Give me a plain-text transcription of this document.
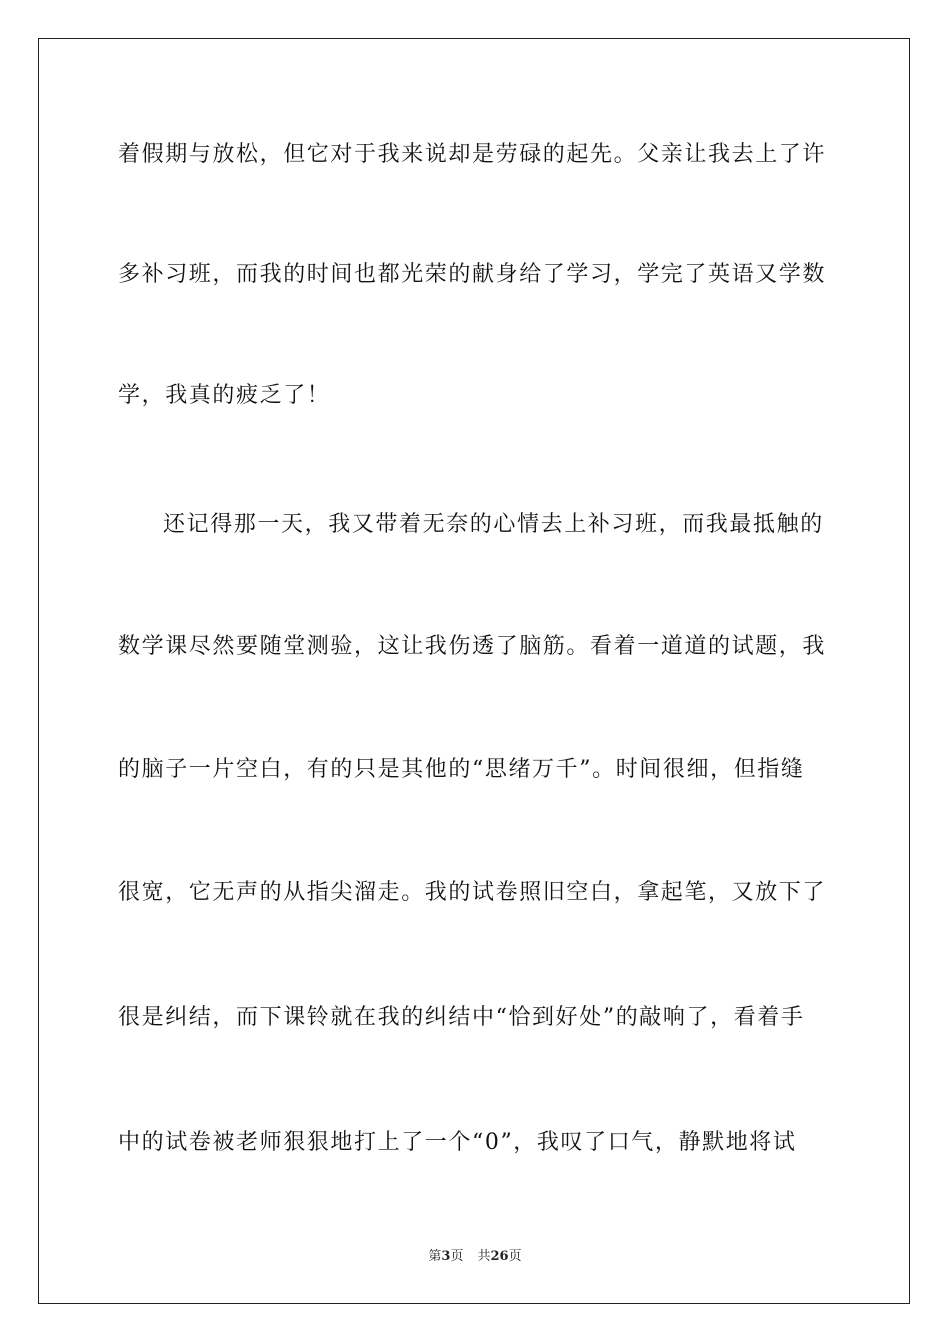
着假期与放松，但它对于我来说却是劳碌的起先。父亲让我去上了许
多补习班，而我的时间也都光荣的献身给了学习，学完了英语又学数
学，我真的疲乏了！
还记得那一天，我又带着无奈的心情去上补习班，而我最抵触的
数学课尽然要随堂测验，这让我伤透了脑筋。看着一道道的试题，我
的脑子一片空白，有的只是其他的“思绪万千”。时间很细，但指缝
很宽，它无声的从指尖溜走。我的试卷照旧空白，拿起笔，又放下了
很是纠结，而下课铃就在我的纠结中“恰到好处”的敲响了，看着手
中的试卷被老师狠狠地打上了一个“0”，我叹了口气，静默地将试
第3页 共26页
